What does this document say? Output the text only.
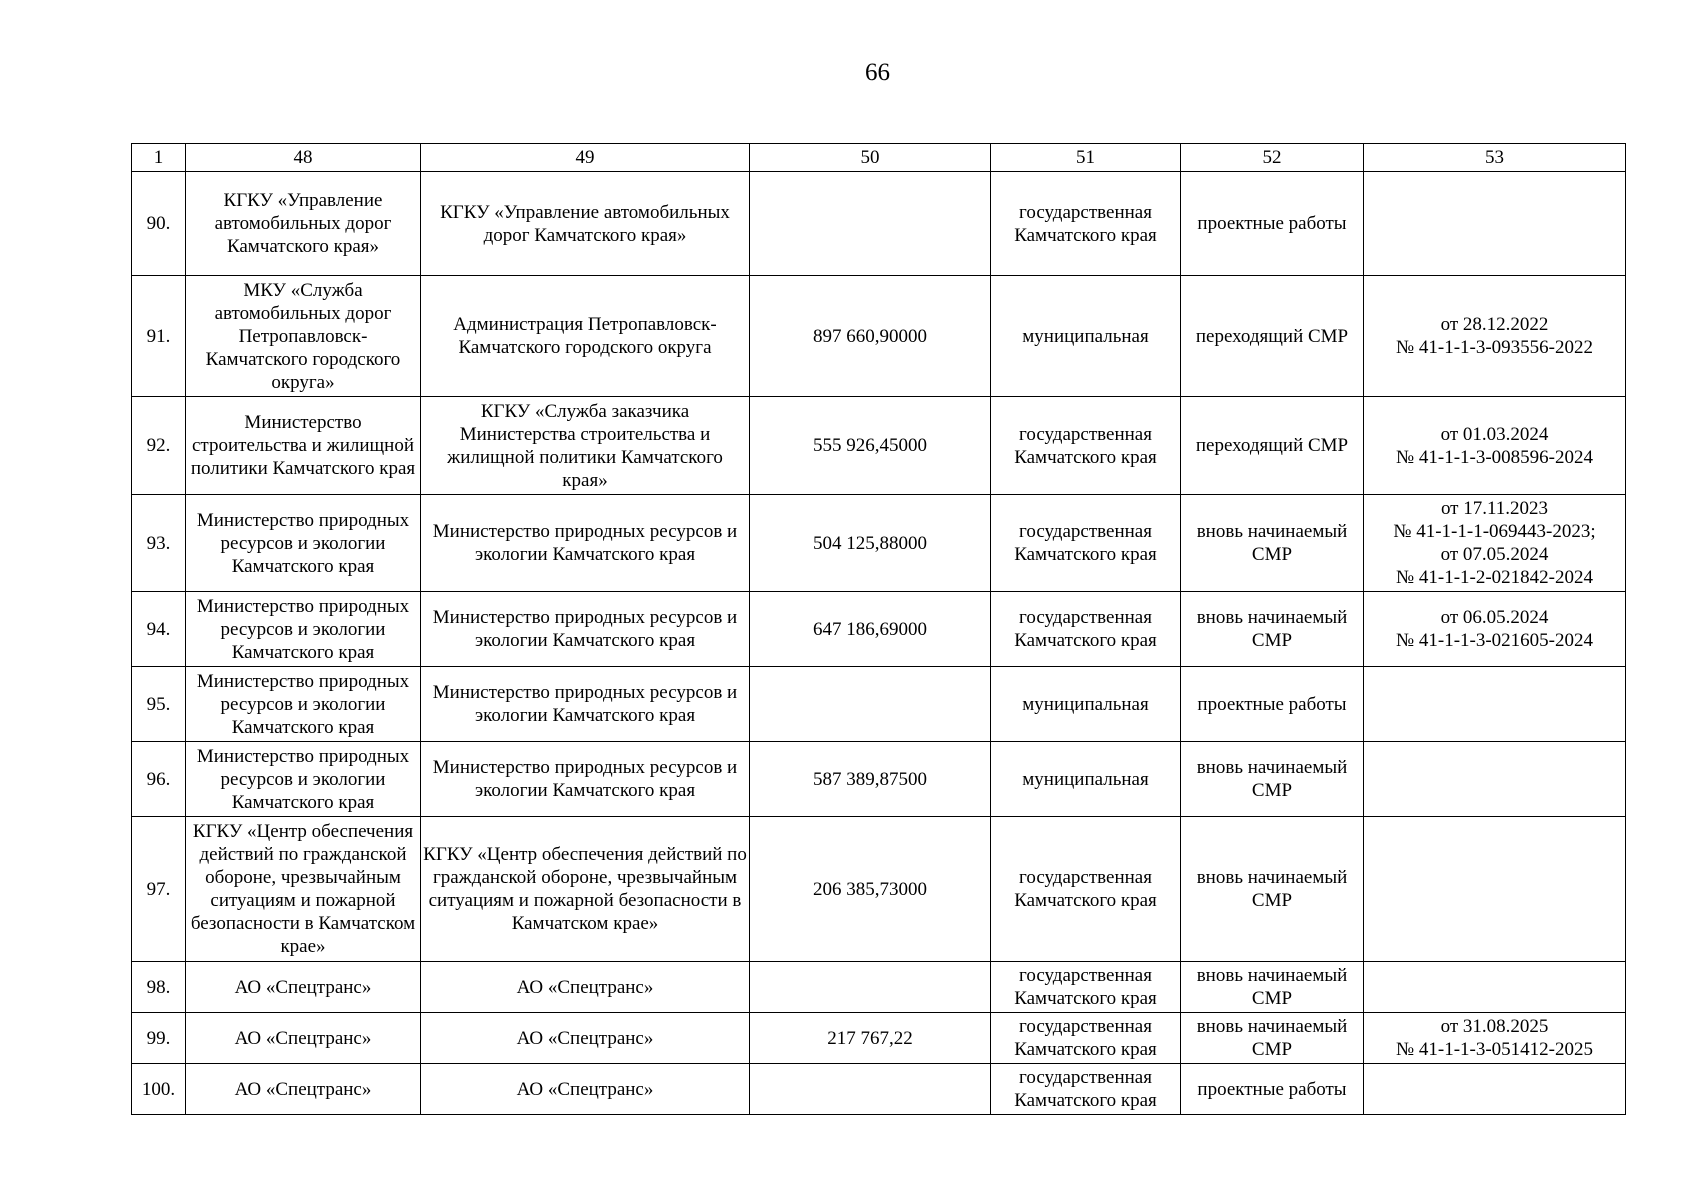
66
1	48	49	50	51	52	53
90.	КГКУ «Управление автомобильных дорог Камчатского края»	КГКУ «Управление автомобильных дорог Камчатского края»		государственная Камчатского края	проектные работы	
91.	МКУ «Служба автомобильных дорог Петропавловск-Камчатского городского округа»	Администрация Петропавловск-Камчатского городского округа	897 660,90000	муниципальная	переходящий СМР	от 28.12.2022
№ 41-1-1-3-093556-2022

92.	Министерство строительства и жилищной политики Камчатского края	КГКУ «Служба заказчика Министерства строительства и жилищной политики Камчатского края»	555 926,45000	государственная Камчатского края	переходящий СМР	от 01.03.2024
№ 41-1-1-3-008596-2024

93.	Министерство природных ресурсов и экологии Камчатского края	Министерство природных ресурсов и экологии Камчатского края	504 125,88000	государственная Камчатского края	вновь начинаемый СМР	от 17.11.2023
№ 41-1-1-1-069443-2023;
от 07.05.2024
№ 41-1-1-2-021842-2024

94.	Министерство природных ресурсов и экологии Камчатского края	Министерство природных ресурсов и экологии Камчатского края	647 186,69000	государственная Камчатского края	вновь начинаемый СМР	от 06.05.2024
№ 41-1-1-3-021605-2024

95.	Министерство природных ресурсов и экологии Камчатского края	Министерство природных ресурсов и экологии Камчатского края		муниципальная	проектные работы	
96.	Министерство природных ресурсов и экологии Камчатского края	Министерство природных ресурсов и экологии Камчатского края	587 389,87500	муниципальная	вновь начинаемый СМР	
97.	КГКУ «Центр обеспечения действий по гражданской обороне, чрезвычайным ситуациям и пожарной безопасности в Камчатском крае»	КГКУ «Центр обеспечения действий по гражданской обороне, чрезвычайным ситуациям и пожарной безопасности в Камчатском крае»	206 385,73000	государственная Камчатского края	вновь начинаемый СМР	
98.	АО «Спецтранс»	АО «Спецтранс»		государственная Камчатского края	вновь начинаемый СМР	
99.	АО «Спецтранс»	АО «Спецтранс»	217 767,22	государственная Камчатского края	вновь начинаемый СМР	от 31.08.2025
№ 41-1-1-3-051412-2025

100.	АО «Спецтранс»	АО «Спецтранс»		государственная Камчатского края	проектные работы	
